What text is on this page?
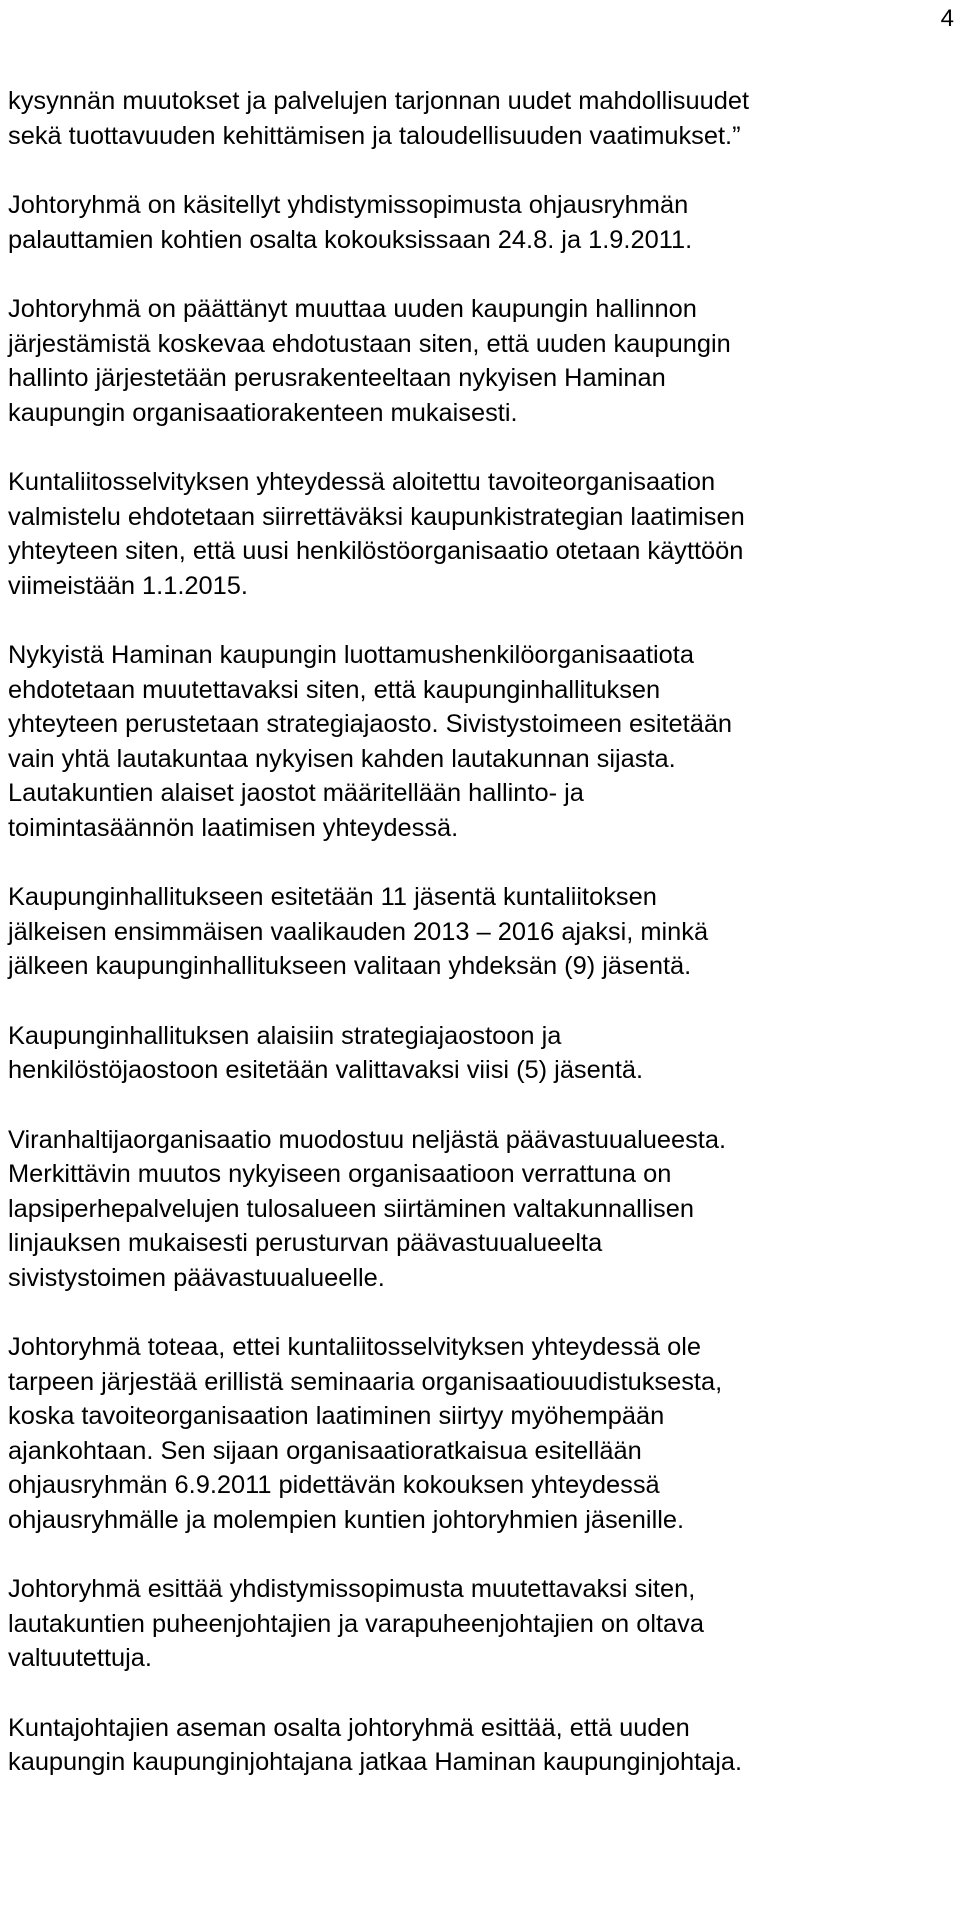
4

kysynnän muutokset ja palvelujen tarjonnan uudet mahdollisuudet
sekä tuottavuuden kehittämisen ja taloudellisuuden vaatimukset.”

Johtoryhmä on käsitellyt yhdistymissopimusta ohjausryhmän
palauttamien kohtien osalta kokouksissaan 24.8. ja 1.9.2011.

Johtoryhmä on päättänyt muuttaa uuden kaupungin hallinnon
järjestämistä koskevaa ehdotustaan siten, että uuden kaupungin
hallinto järjestetään perusrakenteeltaan nykyisen Haminan
kaupungin organisaatiorakenteen mukaisesti.

Kuntaliitosselvityksen yhteydessä aloitettu tavoiteorganisaation
valmistelu ehdotetaan siirrettäväksi kaupunkistrategian laatimisen
yhteyteen siten, että uusi henkilöstöorganisaatio otetaan käyttöön
viimeistään 1.1.2015.

Nykyistä Haminan kaupungin luottamushenkilöorganisaatiota
ehdotetaan muutettavaksi siten, että kaupunginhallituksen
yhteyteen perustetaan strategiajaosto. Sivistystoimeen esitetään
vain yhtä lautakuntaa nykyisen kahden lautakunnan sijasta.
Lautakuntien alaiset jaostot määritellään hallinto- ja
toimintasäännön laatimisen yhteydessä.

Kaupunginhallitukseen esitetään 11 jäsentä kuntaliitoksen
jälkeisen ensimmäisen vaalikauden 2013 – 2016 ajaksi, minkä
jälkeen kaupunginhallitukseen valitaan yhdeksän (9) jäsentä.

Kaupunginhallituksen alaisiin strategiajaostoon ja
henkilöstöjaostoon esitetään valittavaksi viisi (5) jäsentä.

Viranhaltijaorganisaatio muodostuu neljästä päävastuualueesta.
Merkittävin muutos nykyiseen organisaatioon verrattuna on
lapsiperhepalvelujen tulosalueen siirtäminen valtakunnallisen
linjauksen mukaisesti perusturvan päävastuualueelta
sivistystoimen päävastuualueelle.

Johtoryhmä toteaa, ettei kuntaliitosselvityksen yhteydessä ole
tarpeen järjestää erillistä seminaaria organisaatiouudistuksesta,
koska tavoiteorganisaation laatiminen siirtyy myöhempään
ajankohtaan. Sen sijaan organisaatioratkaisua esitellään
ohjausryhmän 6.9.2011 pidettävän kokouksen yhteydessä
ohjausryhmälle ja molempien kuntien johtoryhmien jäsenille.

Johtoryhmä esittää yhdistymissopimusta muutettavaksi siten,
lautakuntien puheenjohtajien ja varapuheenjohtajien on oltava
valtuutettuja.

Kuntajohtajien aseman osalta johtoryhmä esittää, että uuden
kaupungin kaupunginjohtajana jatkaa Haminan kaupunginjohtaja.
